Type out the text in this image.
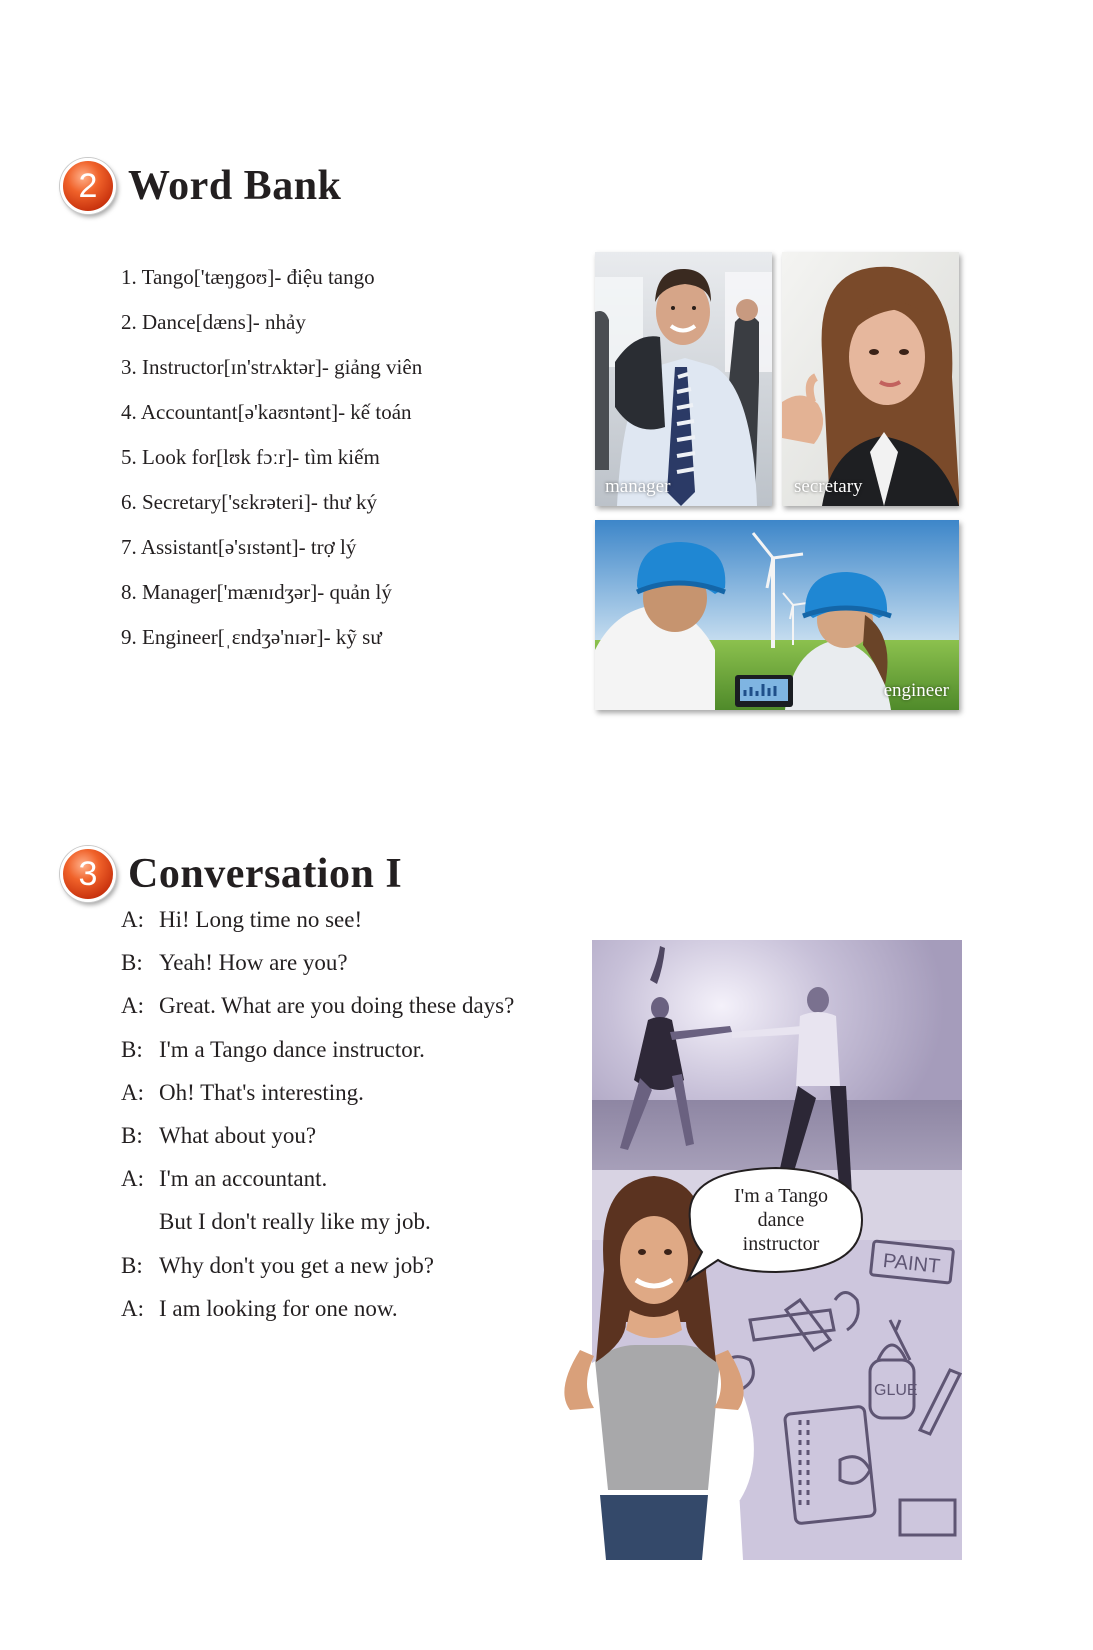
2 Word Bank
1. Tango['tæŋgoʊ]- điệu tango
2. Dance[dæns]- nhảy
3. Instructor[ɪn'strʌktər]- giảng viên
4. Accountant[ə'kaʊntənt]- kế toán
5. Look for[lʊk fɔːr]- tìm kiếm
6. Secretary['sɛkrəteri]- thư ký
7. Assistant[ə'sɪstənt]- trợ lý
8. Manager['mænɪdʒər]- quản lý
9. Engineer[ˌɛndʒə'nɪər]- kỹ sư
manager	secretary
engineer
3 Conversation I
A: Hi! Long time no see!
B: Yeah! How are you?
A: Great. What are you doing these days?
B: I'm a Tango dance instructor.
A: Oh! That's interesting.
B: What about you?
A: I'm an accountant.
But I don't really like my job.
B: Why don't you get a new job?
A: I am looking for one now.
PAINT
GLUE
I'm a Tango
dance
instructor
